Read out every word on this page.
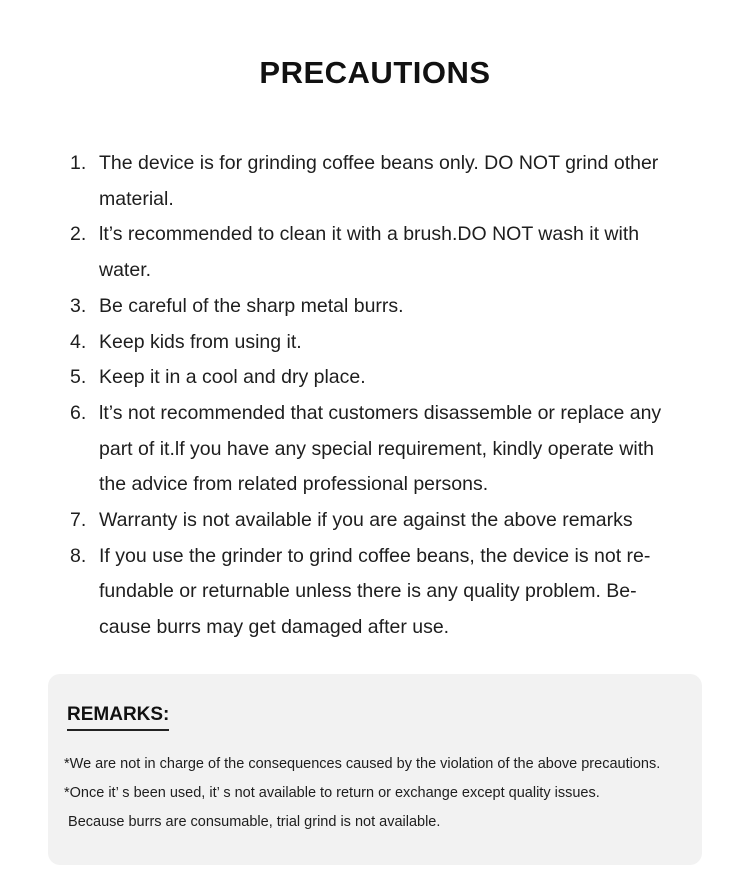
PRECAUTIONS
1. The device is for grinding coffee beans only. DO NOT grind other material.
2. lt’s recommended to clean it with a brush.DO NOT wash it with water.
3. Be careful of the sharp metal burrs.
4. Keep kids from using it.
5. Keep it in a cool and dry place.
6. lt’s not recommended that customers disassemble or replace any part of it.lf you have any special requirement, kindly operate with the advice from related professional persons.
7. Warranty is not available if you are against the above remarks
8. If you use the grinder to grind coffee beans, the device is not re-fundable or returnable unless there is any quality problem. Be-cause burrs may get damaged after use.
REMARKS:
*We are not in charge of the consequences caused by the violation of the above precautions.
*Once it’ s been used, it’ s not available to return or exchange except quality issues.
Because burrs are consumable, trial grind is not available.
